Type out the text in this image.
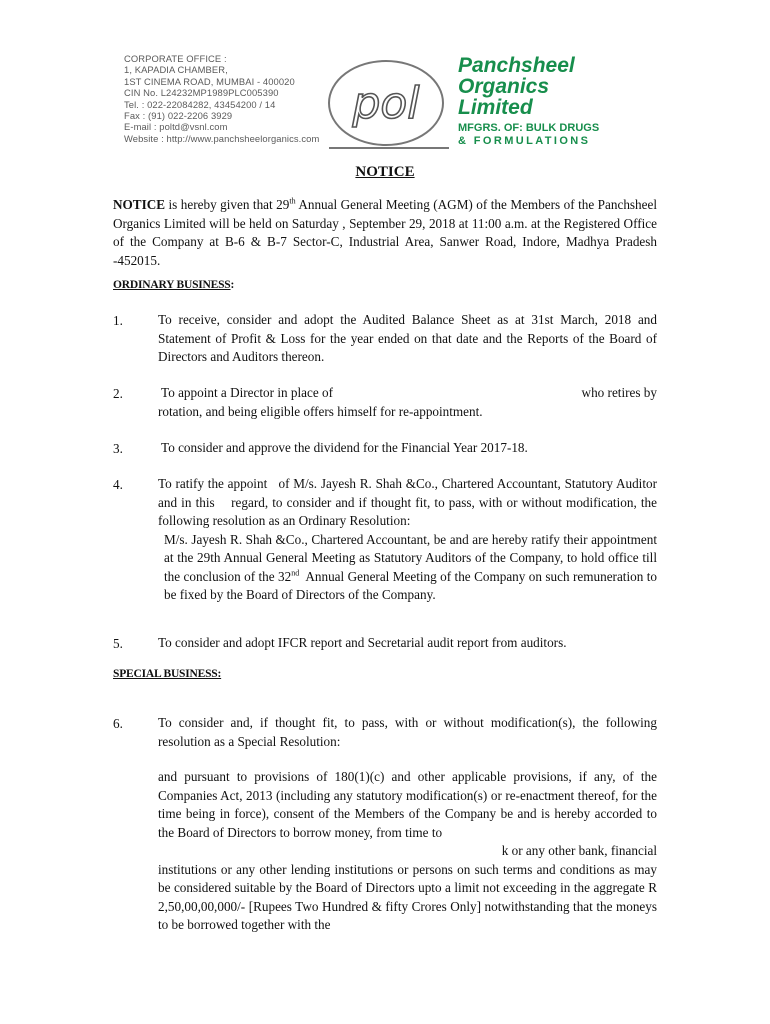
CORPORATE OFFICE :
1, KAPADIA CHAMBER,
1ST CINEMA ROAD, MUMBAI - 400020
CIN No. L24232MP1989PLC005390
Tel. : 022-22084282, 43454200 / 14
Fax : (91) 022-2206 3929
E-mail : poltd@vsnl.com
Website : http://www.panchsheelorganics.com
pol
Panchsheel
Organics
Limited
MFGRS. OF: BULK DRUGS
& FORMULATIONS
NOTICE
NOTICE is hereby given that 29th Annual General Meeting (AGM) of the Members of the Panchsheel Organics Limited will be held on Saturday , September 29, 2018 at 11:00 a.m. at the Registered Office of the Company at B-6 & B-7 Sector-C, Industrial Area, Sanwer Road, Indore, Madhya Pradesh -452015.
ORDINARY BUSINESS:
1.	To receive, consider and adopt the Audited Balance Sheet as at 31st March, 2018 and Statement of Profit & Loss for the year ended on that date and the Reports of the Board of Directors and Auditors thereon.
2.	To appoint a Director in place of	who retires by
rotation, and being eligible offers himself for re-appointment.
3.	To consider and approve the dividend for the Financial Year 2017-18.
4.	To ratify the appoint   of M/s. Jayesh R. Shah &Co., Chartered Accountant, Statutory Auditor and in this    regard, to consider and if thought fit, to pass, with or without modification, the following resolution as an Ordinary Resolution:
M/s. Jayesh R. Shah &Co., Chartered Accountant, be and are hereby ratify their appointment at the 29th Annual General Meeting as Statutory Auditors of the Company, to hold office till the conclusion of the 32nd  Annual General Meeting of the Company on such remuneration to be fixed by the Board of Directors of the Company.
5.	To consider and adopt IFCR report and Secretarial audit report from auditors.
SPECIAL BUSINESS:
6.	To consider and, if thought fit, to pass, with or without modification(s), the following resolution as a Special Resolution:
and pursuant to provisions of 180(1)(c) and other applicable provisions, if any, of the Companies Act, 2013 (including any statutory modification(s) or re-enactment thereof, for the time being in force), consent of the Members of the Company be and is hereby accorded to the Board of Directors to borrow money, from time to
k or any other bank, financial
institutions or any other lending institutions or persons on such terms and conditions as may be considered suitable by the Board of Directors upto a limit not exceeding in the aggregate R 2,50,00,00,000/- [Rupees Two Hundred & fifty Crores Only] notwithstanding that the moneys to be borrowed together with the
